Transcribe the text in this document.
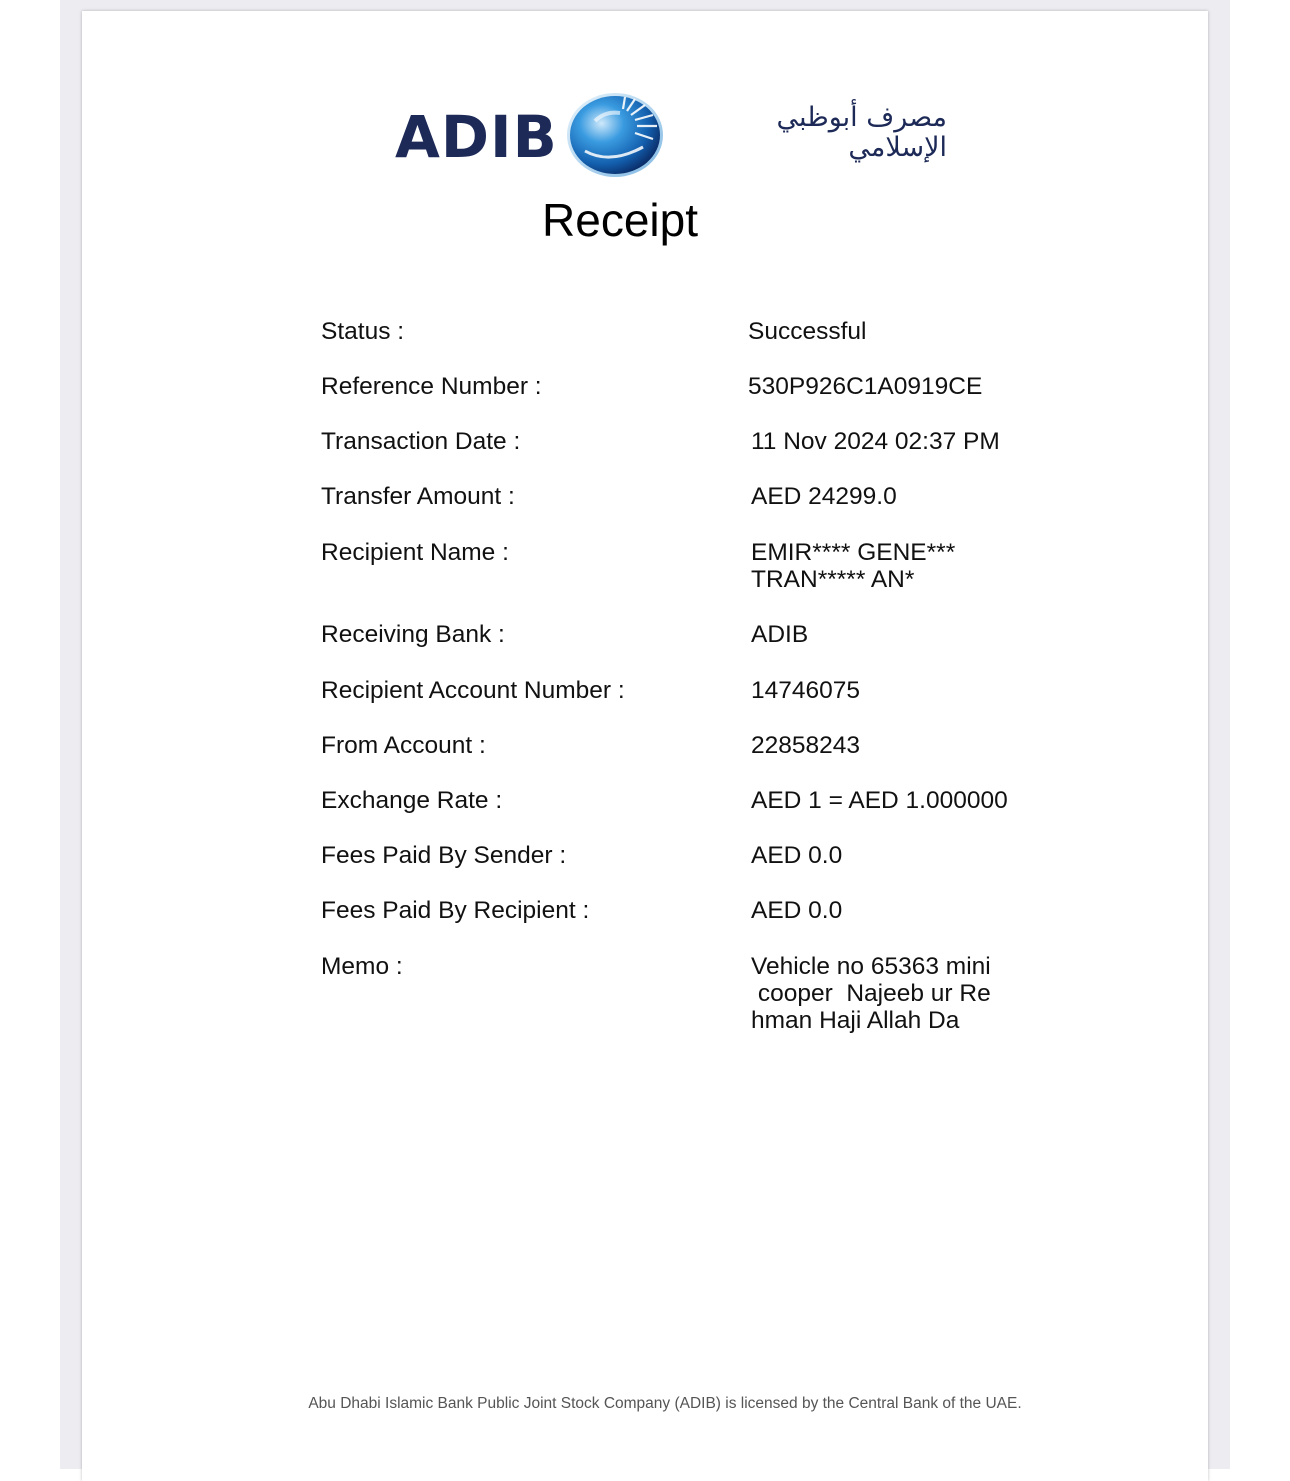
ADIB	مصرف أبوظبي
الإسلامي
Receipt
Status :	Successful
Reference Number :	530P926C1A0919CE
Transaction Date :	11 Nov 2024 02:37 PM
Transfer Amount :	AED 24299.0
Recipient Name :	EMIR**** GENE***
TRAN***** AN*
Receiving Bank :	ADIB
Recipient Account Number :	14746075
From Account :	22858243
Exchange Rate :	AED 1 = AED 1.000000
Fees Paid By Sender :	AED 0.0
Fees Paid By Recipient :	AED 0.0
Memo :	Vehicle no 65363 mini
cooper  Najeeb ur Re
hman Haji Allah Da
Abu Dhabi Islamic Bank Public Joint Stock Company (ADIB) is licensed by the Central Bank of the UAE.
